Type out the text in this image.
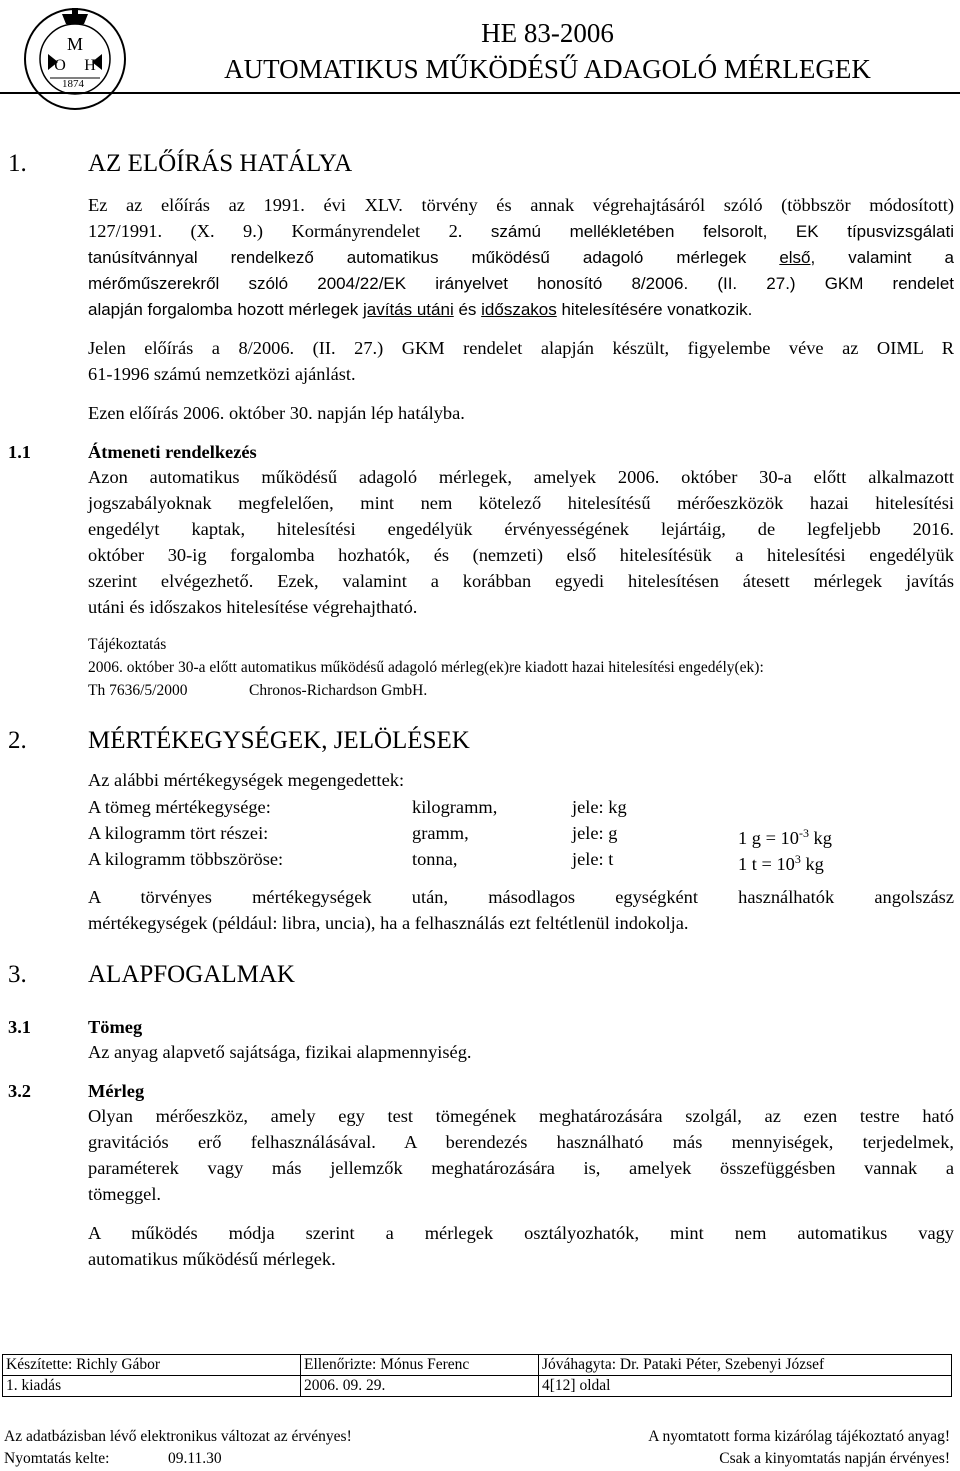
M
O H
1874
HE 83-2006
AUTOMATIKUS MŰKÖDÉSŰ ADAGOLÓ MÉRLEGEK
1. AZ ELŐÍRÁS HATÁLYA
Ez az előírás az 1991. évi XLV. törvény és annak végrehajtásáról szóló (többször módosított)
127/1991. (X. 9.) Kormányrendelet 2. számú mellékletében felsorolt, EK típusvizsgálati
tanúsítvánnyal rendelkező automatikus működésű adagoló mérlegek első, valamint a
mérőműszerekről szóló 2004/22/EK irányelvet honosító 8/2006. (II. 27.) GKM rendelet
alapján forgalomba hozott mérlegek javítás utáni és időszakos hitelesítésére vonatkozik.
Jelen előírás a 8/2006. (II. 27.) GKM rendelet alapján készült, figyelembe véve az OIML R
61-1996 számú nemzetközi ajánlást.
Ezen előírás 2006. október 30. napján lép hatályba.
1.1	Átmeneti rendelkezés
Azon automatikus működésű adagoló mérlegek, amelyek 2006. október 30-a előtt alkalmazott
jogszabályoknak megfelelően, mint nem kötelező hitelesítésű mérőeszközök hazai hitelesítési
engedélyt kaptak, hitelesítési engedélyük érvényességének lejártáig, de legfeljebb 2016.
október 30-ig forgalomba hozhatók, és (nemzeti) első hitelesítésük a hitelesítési engedélyük
szerint elvégezhető. Ezek, valamint a korábban egyedi hitelesítésen átesett mérlegek javítás
utáni és időszakos hitelesítése végrehajtható.
Tájékoztatás
2006. október 30-a előtt automatikus működésű adagoló mérleg(ek)re kiadott hazai hitelesítési engedély(ek):
Th 7636/5/2000	Chronos-Richardson GmbH.
2. MÉRTÉKEGYSÉGEK, JELÖLÉSEK
Az alábbi mértékegységek megengedettek:
A tömeg mértékegysége:	kilogramm,	jele: kg
A kilogramm tört részei:	gramm,	jele: g	1 $g = 10^{-3}$ kg
A kilogramm többszöröse:	tonna,	jele: t	1 $t = 10^3$ kg
A törvényes mértékegységek után, másodlagos egységként használhatók angolszász
mértékegységek (például: libra, uncia), ha a felhasználás ezt feltétlenül indokolja.
3. ALAPFOGALMAK
3.1	Tömeg
Az anyag alapvető sajátsága, fizikai alapmennyiség.
3.2	Mérleg
Olyan mérőeszköz, amely egy test tömegének meghatározására szolgál, az ezen testre ható
gravitációs erő felhasználásával. A berendezés használható más mennyiségek, terjedelmek,
paraméterek vagy más jellemzők meghatározására is, amelyek összefüggésben vannak a
tömeggel.
A működés módja szerint a mérlegek osztályozhatók, mint nem automatikus vagy
automatikus működésű mérlegek.
Készítette: Richly Gábor	Ellenőrizte: Mónus Ferenc	Jóváhagyta: Dr. Pataki Péter, Szebenyi József
1. kiadás	2006. 09. 29.	4[12] oldal
Az adatbázisban lévő elektronikus változat az érvényes!	A nyomtatott forma kizárólag tájékoztató anyag!
Nyomtatás kelte:	09.11.30	Csak a kinyomtatás napján érvényes!
